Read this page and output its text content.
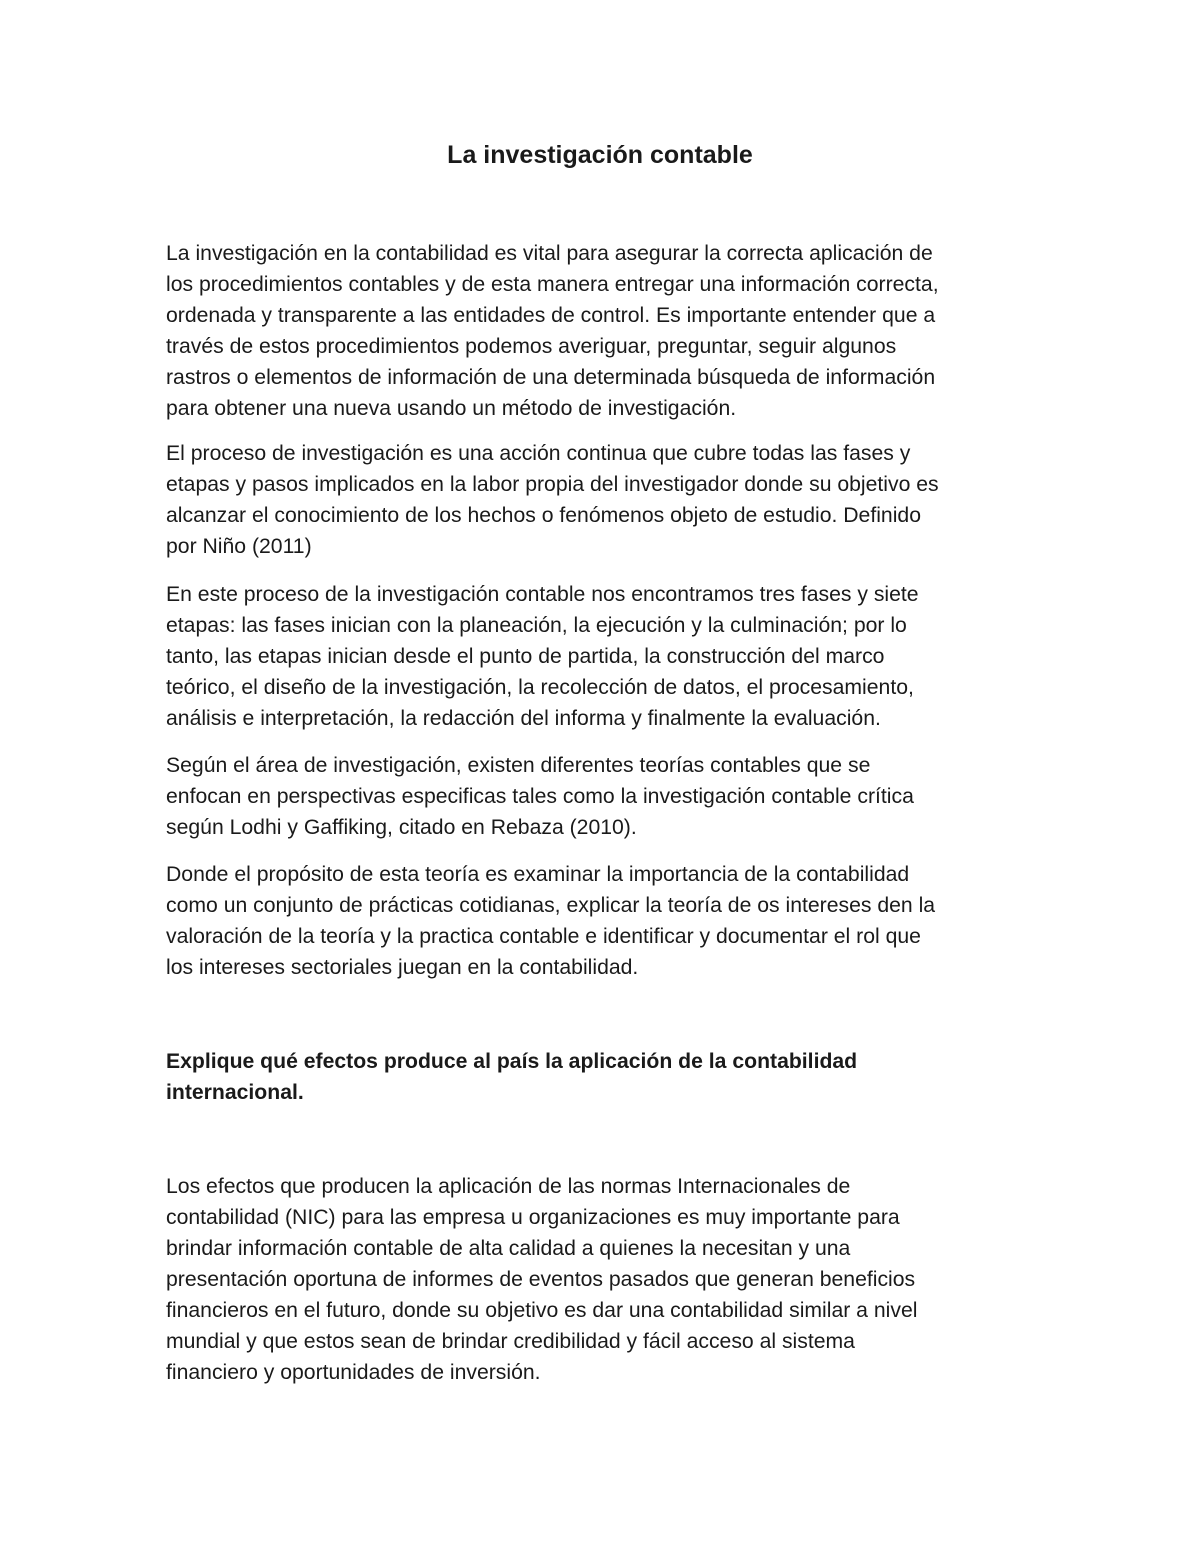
La investigación contable

La investigación en la contabilidad es vital para asegurar la correcta aplicación de
los procedimientos contables y de esta manera entregar una información correcta,
ordenada y transparente a las entidades de control. Es importante entender que a
través de estos procedimientos podemos averiguar, preguntar, seguir algunos
rastros o elementos de información de una determinada búsqueda de información
para obtener una nueva usando un método de investigación.

El proceso de investigación es una acción continua que cubre todas las fases y
etapas y pasos implicados en la labor propia del investigador donde su objetivo es
alcanzar el conocimiento de los hechos o fenómenos objeto de estudio. Definido
por Niño (2011)

En este proceso de la investigación contable nos encontramos tres fases y siete
etapas: las fases inician con la planeación, la ejecución y la culminación; por lo
tanto, las etapas inician desde el punto de partida, la construcción del marco
teórico, el diseño de la investigación, la recolección de datos, el procesamiento,
análisis e interpretación, la redacción del informa y finalmente la evaluación.

Según el área de investigación, existen diferentes teorías contables que se
enfocan en perspectivas especificas tales como la investigación contable crítica
según Lodhi y Gaffiking, citado en Rebaza (2010).

Donde el propósito de esta teoría es examinar la importancia de la contabilidad
como un conjunto de prácticas cotidianas, explicar la teoría de os intereses den la
valoración de la teoría y la practica contable e identificar y documentar el rol que
los intereses sectoriales juegan en la contabilidad.

Explique qué efectos produce al país la aplicación de la contabilidad
internacional.

Los efectos que producen la aplicación de las normas Internacionales de
contabilidad (NIC) para las empresa u organizaciones es muy importante para
brindar información contable de alta calidad a quienes la necesitan y una
presentación oportuna de informes de eventos pasados que generan beneficios
financieros en el futuro, donde su objetivo es dar una contabilidad similar a nivel
mundial y que estos sean de brindar credibilidad y fácil acceso al sistema
financiero y oportunidades de inversión.
